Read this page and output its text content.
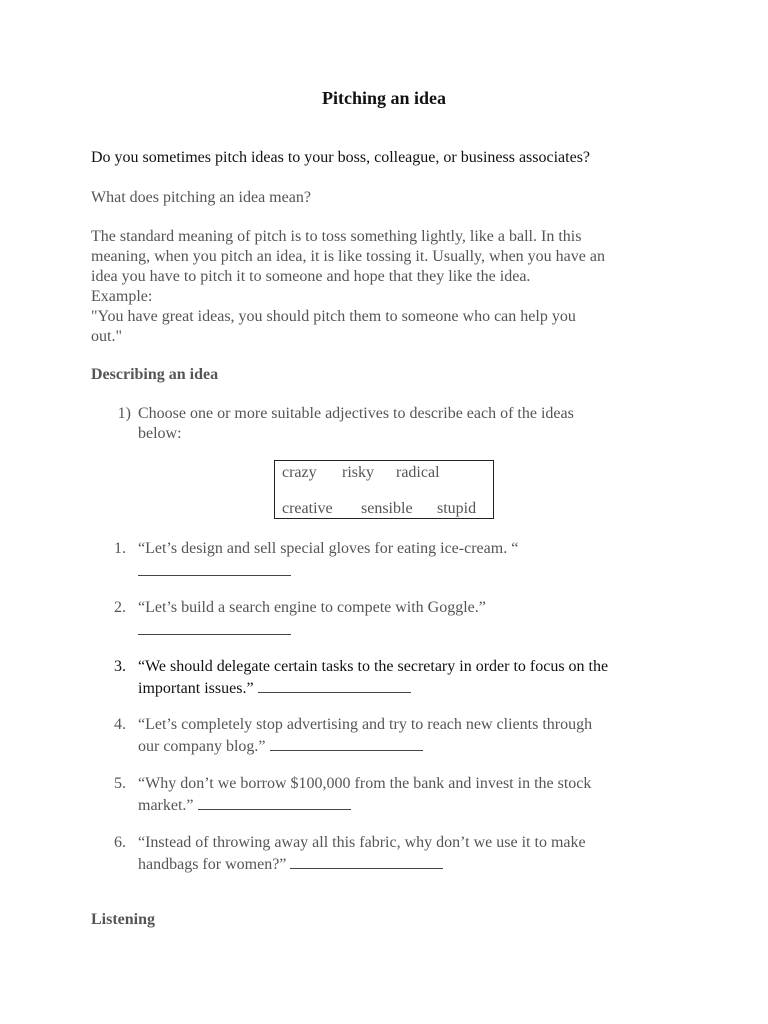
Pitching an idea
Do you sometimes pitch ideas to your boss, colleague, or business associates?
What does pitching an idea mean?
The standard meaning of pitch is to toss something lightly, like a ball. In this
meaning, when you pitch an idea, it is like tossing it. Usually, when you have an
idea you have to pitch it to someone and hope that they like the idea.
Example:
"You have great ideas, you should pitch them to someone who can help you
out."
Describing an idea
1) Choose one or more suitable adjectives to describe each of the ideas
below:
crazy risky radical
creative sensible stupid
1. “Let’s design and sell special gloves for eating ice-cream. “
2. “Let’s build a search engine to compete with Goggle.”
3. “We should delegate certain tasks to the secretary in order to focus on the
important issues.”
4. “Let’s completely stop advertising and try to reach new clients through
our company blog.”
5. “Why don’t we borrow $100,000 from the bank and invest in the stock
market.”
6. “Instead of throwing away all this fabric, why don’t we use it to make
handbags for women?”
Listening
